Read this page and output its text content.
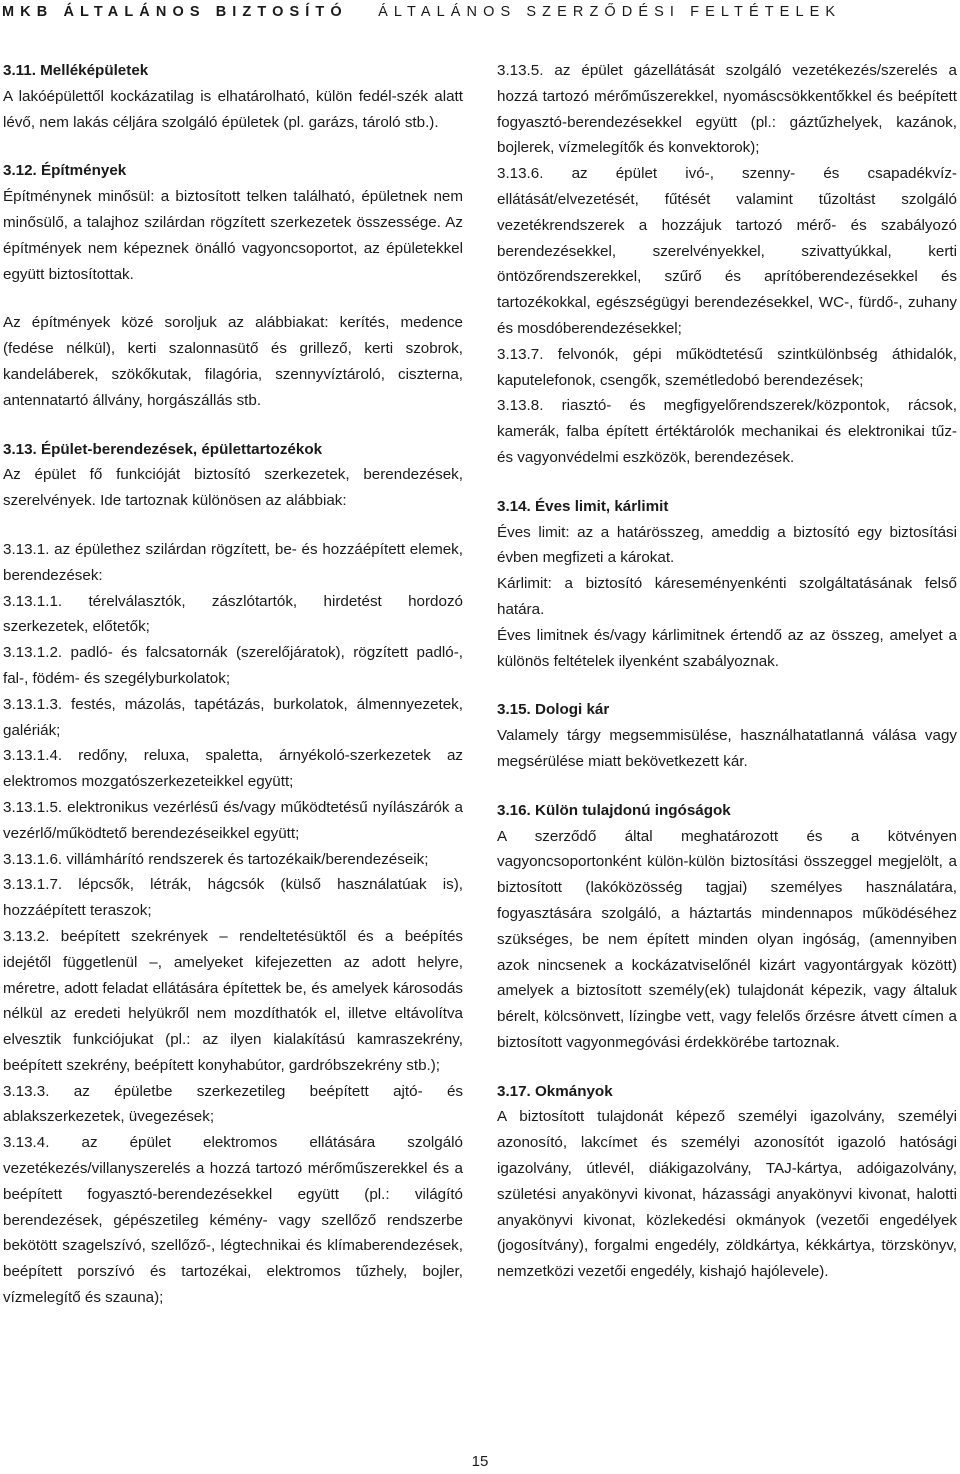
MKB ÁLTALÁNOS BIZTOSÍTÓ ÁLTALÁNOS SZERZŐDÉSI FELTÉTELEK

3.11. Melléképületek

A lakóépülettől kockázatilag is elhatárolható, külön fedél-szék alatt lévő, nem lakás céljára szolgáló épületek (pl. garázs, tároló stb.).

3.12. Építmények

Építménynek minősül: a biztosított telken található, épületnek nem minősülő, a talajhoz szilárdan rögzített szerkezetek összessége. Az építmények nem képeznek önálló vagyoncsoportot, az épületekkel együtt biztosítottak.

Az építmények közé soroljuk az alábbiakat: kerítés, medence (fedése nélkül), kerti szalonnasütő és grillező, kerti szobrok, kandeláberek, szökőkutak, filagória, szennyvíztároló, ciszterna, antennatartó állvány, horgászállás stb.

3.13. Épület-berendezések, épülettartozékok

Az épület fő funkcióját biztosító szerkezetek, berendezések, szerelvények. Ide tartoznak különösen az alábbiak:

3.13.1. az épülethez szilárdan rögzített, be- és hozzáépített elemek, berendezések:

3.13.1.1. térelválasztók, zászlótartók, hirdetést hordozó szerkezetek, előtetők;

3.13.1.2. padló- és falcsatornák (szerelőjáratok), rögzített padló-, fal-, födém- és szegélyburkolatok;

3.13.1.3. festés, mázolás, tapétázás, burkolatok, álmennyezetek, galériák;

3.13.1.4. redőny, reluxa, spaletta, árnyékoló-szerkezetek az elektromos mozgatószerkezeteikkel együtt;

3.13.1.5. elektronikus vezérlésű és/vagy működtetésű nyílászárók a vezérlő/működtető berendezéseikkel együtt;

3.13.1.6. villámhárító rendszerek és tartozékaik/berendezéseik;

3.13.1.7. lépcsők, létrák, hágcsók (külső használatúak is), hozzáépített teraszok;

3.13.2. beépített szekrények – rendeltetésüktől és a beépítés idejétől függetlenül –, amelyeket kifejezetten az adott helyre, méretre, adott feladat ellátására építettek be, és amelyek károsodás nélkül az eredeti helyükről nem mozdíthatók el, illetve eltávolítva elvesztik funkciójukat (pl.: az ilyen kialakítású kamraszekrény, beépített szekrény, beépített konyhabútor, gardróbszekrény stb.);

3.13.3. az épületbe szerkezetileg beépített ajtó- és ablakszerkezetek, üvegezések;

3.13.4. az épület elektromos ellátására szolgáló vezetékezés/villanyszerelés a hozzá tartozó mérőműszerekkel és a beépített fogyasztó-berendezésekkel együtt (pl.: világító berendezések, gépészetileg kémény- vagy szellőző rendszerbe bekötött szagelszívó, szellőző-, légtechnikai és klímaberendezések, beépített porszívó és tartozékai, elektromos tűzhely, bojler, vízmelegítő és szauna);

3.13.5. az épület gázellátását szolgáló vezetékezés/szerelés a hozzá tartozó mérőműszerekkel, nyomáscsökkentőkkel és beépített fogyasztó-berendezésekkel együtt (pl.: gáztűzhelyek, kazánok, bojlerek, vízmelegítők és konvektorok);

3.13.6. az épület ivó-, szenny- és csapadékvíz- ellátását/elvezetését, fűtését valamint tűzoltást szolgáló vezetékrendszerek a hozzájuk tartozó mérő- és szabályozó berendezésekkel, szerelvényekkel, szivattyúkkal, kerti öntözőrendszerekkel, szűrő és aprítóberendezésekkel és tartozékokkal, egészségügyi berendezésekkel, WC-, fürdő-, zuhany és mosdóberendezésekkel;

3.13.7. felvonók, gépi működtetésű szintkülönbség áthidalók, kaputelefonok, csengők, szemétledobó berendezések;

3.13.8. riasztó- és megfigyelőrendszerek/központok, rácsok, kamerák, falba épített értéktárolók mechanikai és elektronikai tűz- és vagyonvédelmi eszközök, berendezések.

3.14. Éves limit, kárlimit

Éves limit: az a határösszeg, ameddig a biztosító egy biztosítási évben megfizeti a károkat.

Kárlimit: a biztosító káreseményenkénti szolgáltatásának felső határa.

Éves limitnek és/vagy kárlimitnek értendő az az összeg, amelyet a különös feltételek ilyenként szabályoznak.

3.15. Dologi kár

Valamely tárgy megsemmisülése, használhatatlanná válása vagy megsérülése miatt bekövetkezett kár.

3.16. Külön tulajdonú ingóságok

A szerződő által meghatározott és a kötvényen vagyoncsoportonként külön-külön biztosítási összeggel megjelölt, a biztosított (lakóközösség tagjai) személyes használatára, fogyasztására szolgáló, a háztartás mindennapos működéséhez szükséges, be nem épített minden olyan ingóság, (amennyiben azok nincsenek a kockázatviselőnél kizárt vagyontárgyak között) amelyek a biztosított személy(ek) tulajdonát képezik, vagy általuk bérelt, kölcsönvett, lízingbe vett, vagy felelős őrzésre átvett címen a biztosított vagyonmegóvási érdekkörébe tartoznak.

3.17. Okmányok

A biztosított tulajdonát képező személyi igazolvány, személyi azonosító, lakcímet és személyi azonosítót igazoló hatósági igazolvány, útlevél, diákigazolvány, TAJ-kártya, adóigazolvány, születési anyakönyvi kivonat, házassági anyakönyvi kivonat, halotti anyakönyvi kivonat, közlekedési okmányok (vezetői engedélyek (jogosítvány), forgalmi engedély, zöldkártya, kékkártya, törzskönyv, nemzetközi vezetői engedély, kishajó hajólevele).

15
